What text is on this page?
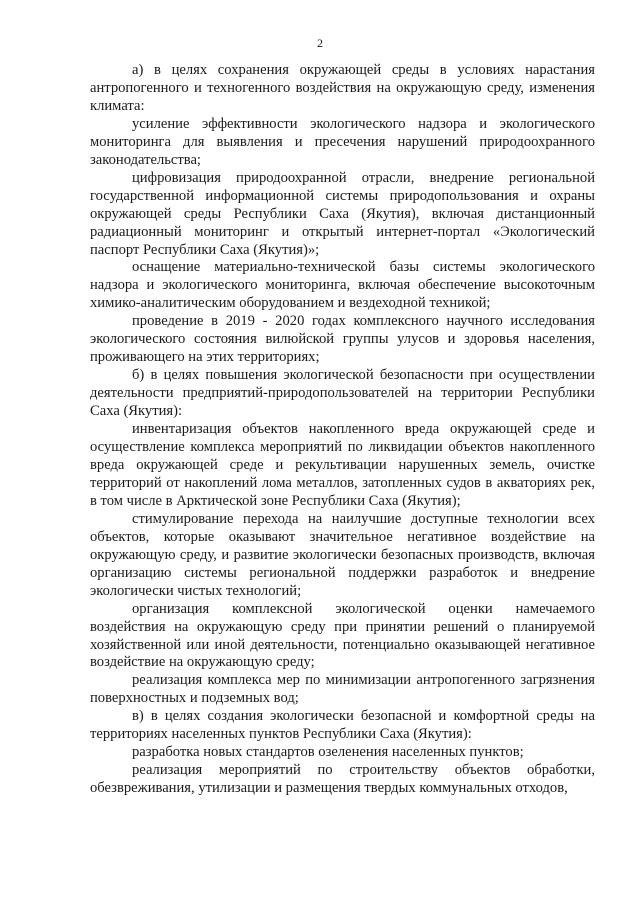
2

а) в целях сохранения окружающей среды в условиях нарастания антропогенного и техногенного воздействия на окружающую среду, изменения климата:

усиление эффективности экологического надзора и экологического мониторинга для выявления и пресечения нарушений природоохранного законодательства;

цифровизация природоохранной отрасли, внедрение региональной государственной информационной системы природопользования и охраны окружающей среды Республики Саха (Якутия), включая дистанционный радиационный мониторинг и открытый интернет-портал «Экологический паспорт Республики Саха (Якутия)»;

оснащение материально-технической базы системы экологического надзора и экологического мониторинга, включая обеспечение высокоточным химико-аналитическим оборудованием и вездеходной техникой;

проведение в 2019 - 2020 годах комплексного научного исследования экологического состояния вилюйской группы улусов и здоровья населения, проживающего на этих территориях;

б) в целях повышения экологической безопасности при осуществлении деятельности предприятий-природопользователей на территории Республики Саха (Якутия):

инвентаризация объектов накопленного вреда окружающей среде и осуществление комплекса мероприятий по ликвидации объектов накопленного вреда окружающей среде и рекультивации нарушенных земель, очистке территорий от накоплений лома металлов, затопленных судов в акваториях рек, в том числе в Арктической зоне Республики Саха (Якутия);

стимулирование перехода на наилучшие доступные технологии всех объектов, которые оказывают значительное негативное воздействие на окружающую среду, и развитие экологически безопасных производств, включая организацию системы региональной поддержки разработок и внедрение экологически чистых технологий;

организация комплексной экологической оценки намечаемого воздействия на окружающую среду при принятии решений о планируемой хозяйственной или иной деятельности, потенциально оказывающей негативное воздействие на окружающую среду;

реализация комплекса мер по минимизации антропогенного загрязнения поверхностных и подземных вод;

в) в целях создания экологически безопасной и комфортной среды на территориях населенных пунктов Республики Саха (Якутия):

разработка новых стандартов озеленения населенных пунктов;

реализация мероприятий по строительству объектов обработки, обезвреживания, утилизации и размещения твердых коммунальных отходов,
